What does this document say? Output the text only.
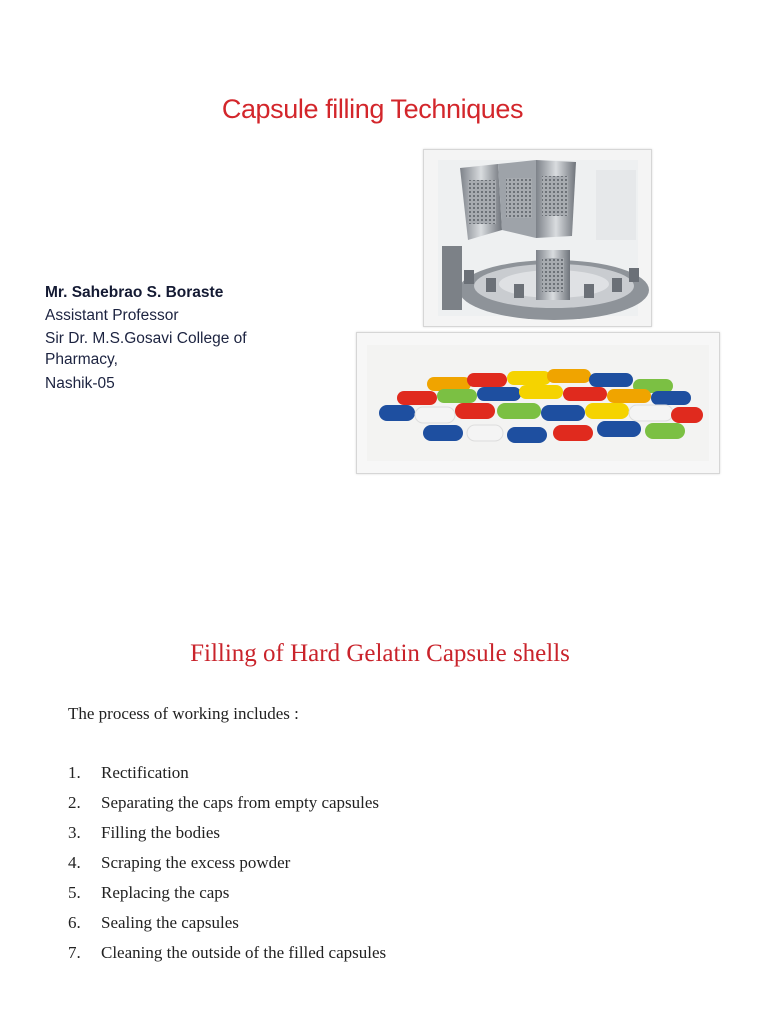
Capsule filling Techniques
Mr. Sahebrao S. Boraste
Assistant Professor
Sir Dr. M.S.Gosavi College of
Pharmacy,
Nashik-05
Filling of Hard Gelatin Capsule shells
The process of working includes :
1.	Rectification
2.	Separating the caps from empty capsules
3.	Filling the bodies
4.	Scraping the excess powder
5.	Replacing the caps
6.	Sealing the capsules
7.	Cleaning the outside of the filled capsules
